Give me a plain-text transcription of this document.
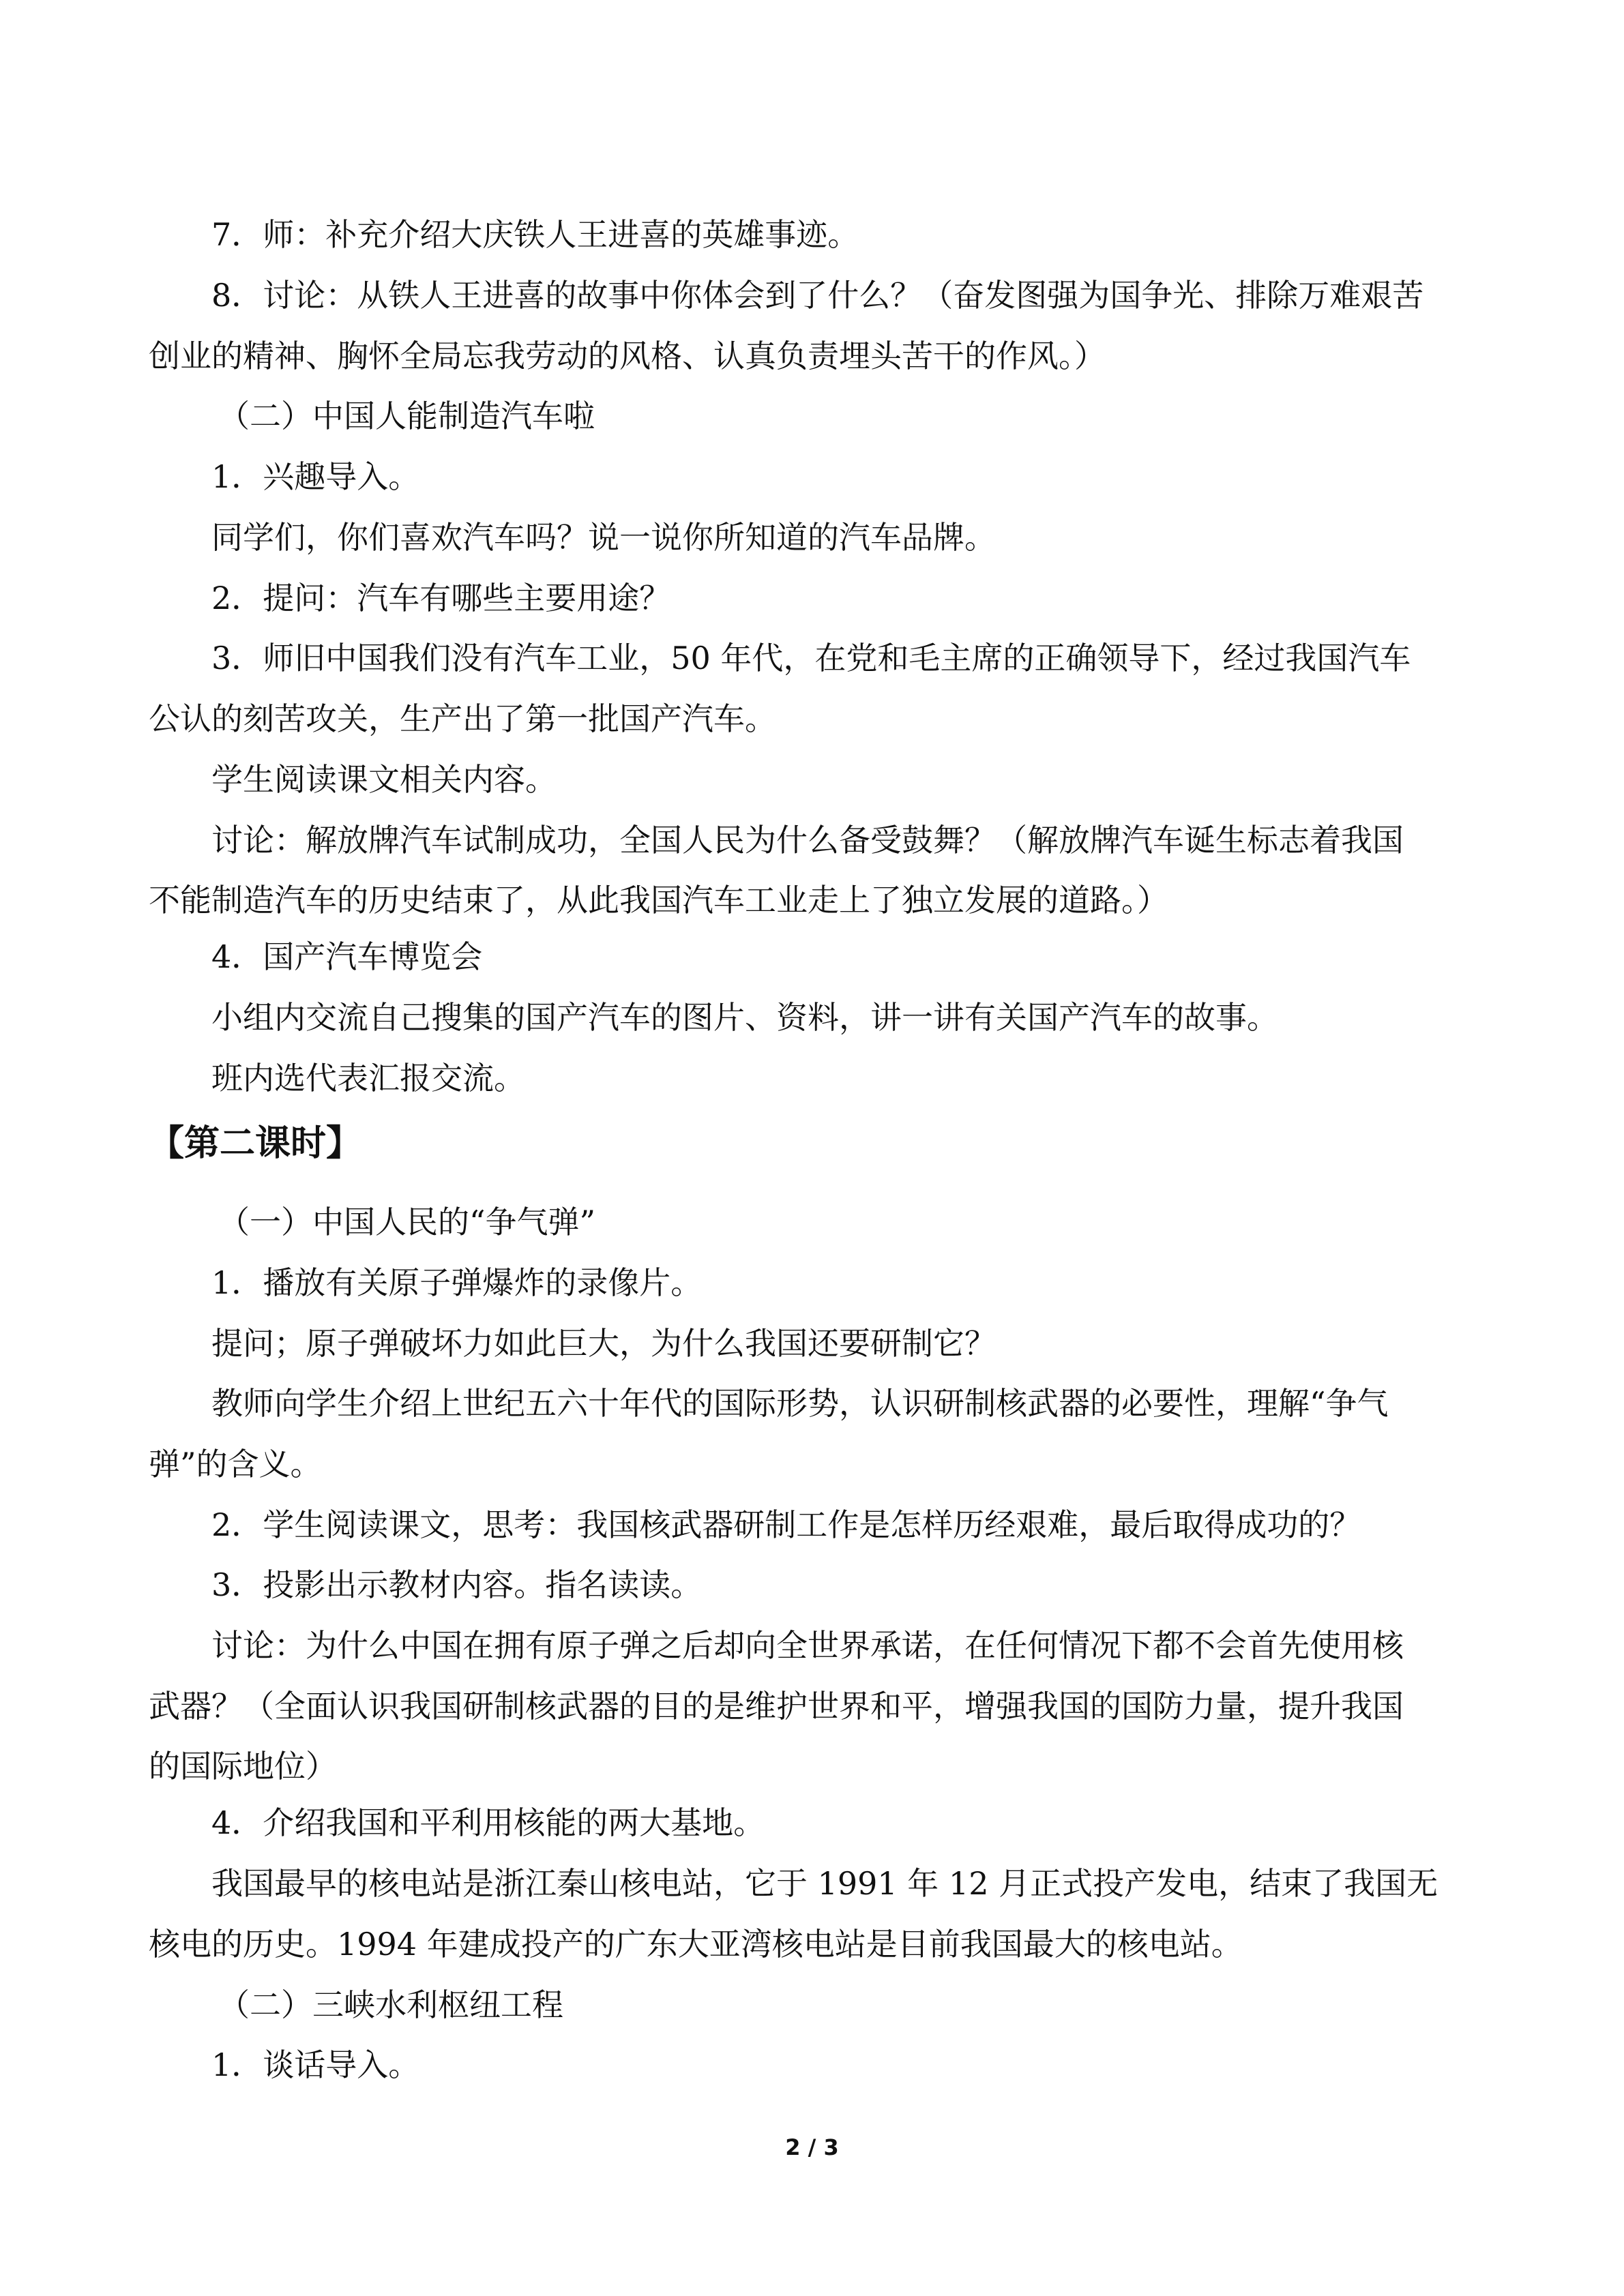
7．师：补充介绍大庆铁人王进喜的英雄事迹。
8．讨论：从铁人王进喜的故事中你体会到了什么？（奋发图强为国争光、排除万难艰苦
创业的精神、胸怀全局忘我劳动的风格、认真负责埋头苦干的作风。）
（二）中国人能制造汽车啦
1．兴趣导入。
同学们，你们喜欢汽车吗？说一说你所知道的汽车品牌。
2．提问：汽车有哪些主要用途？
3．师旧中国我们没有汽车工业，50 年代，在党和毛主席的正确领导下，经过我国汽车
公认的刻苦攻关，生产出了第一批国产汽车。
学生阅读课文相关内容。
讨论：解放牌汽车试制成功，全国人民为什么备受鼓舞？（解放牌汽车诞生标志着我国
不能制造汽车的历史结束了，从此我国汽车工业走上了独立发展的道路。）
4．国产汽车博览会
小组内交流自己搜集的国产汽车的图片、资料，讲一讲有关国产汽车的故事。
班内选代表汇报交流。
【第二课时】
（一）中国人民的“争气弹”
1．播放有关原子弹爆炸的录像片。
提问；原子弹破坏力如此巨大，为什么我国还要研制它？
教师向学生介绍上世纪五六十年代的国际形势，认识研制核武器的必要性，理解“争气
弹”的含义。
2．学生阅读课文，思考：我国核武器研制工作是怎样历经艰难，最后取得成功的？
3．投影出示教材内容。指名读读。
讨论：为什么中国在拥有原子弹之后却向全世界承诺，在任何情况下都不会首先使用核
武器？（全面认识我国研制核武器的目的是维护世界和平，增强我国的国防力量，提升我国
的国际地位）
4．介绍我国和平利用核能的两大基地。
我国最早的核电站是浙江秦山核电站，它于 1991 年 12 月正式投产发电，结束了我国无
核电的历史。1994 年建成投产的广东大亚湾核电站是目前我国最大的核电站。
（二）三峡水利枢纽工程
1．谈话导入。
2 / 3
